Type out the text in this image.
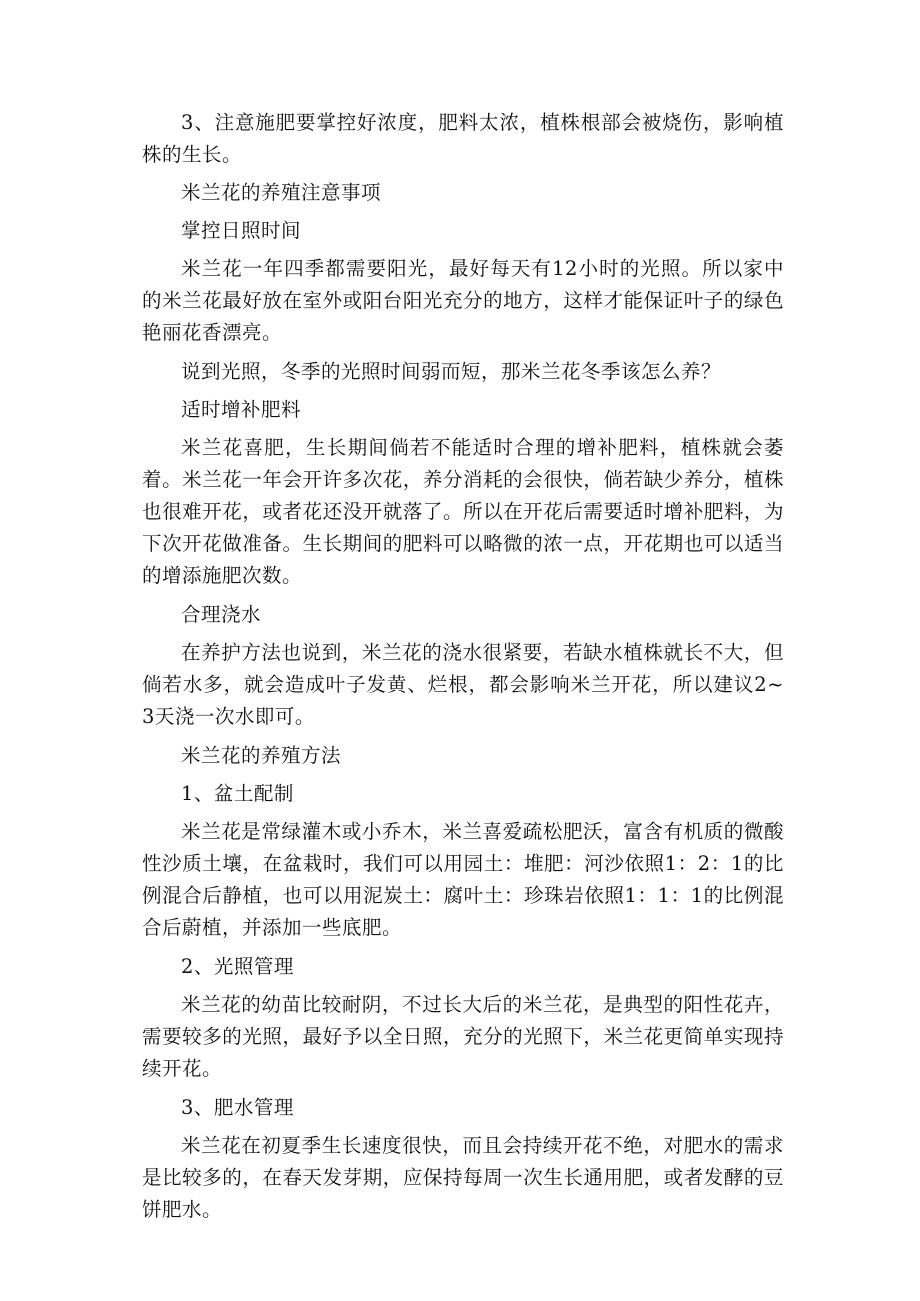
3、注意施肥要掌控好浓度，肥料太浓，植株根部会被烧伤，影响植株的生长。

米兰花的养殖注意事项

掌控日照时间

米兰花一年四季都需要阳光，最好每天有12小时的光照。所以家中的米兰花最好放在室外或阳台阳光充分的地方，这样才能保证叶子的绿色艳丽花香漂亮。

说到光照，冬季的光照时间弱而短，那米兰花冬季该怎么养？

适时增补肥料

米兰花喜肥，生长期间倘若不能适时合理的增补肥料，植株就会萎着。米兰花一年会开许多次花，养分消耗的会很快，倘若缺少养分，植株也很难开花，或者花还没开就落了。所以在开花后需要适时增补肥料，为下次开花做准备。生长期间的肥料可以略微的浓一点，开花期也可以适当的增添施肥次数。

合理浇水

在养护方法也说到，米兰花的浇水很紧要，若缺水植株就长不大，但倘若水多，就会造成叶子发黄、烂根，都会影响米兰开花，所以建议2~3天浇一次水即可。

米兰花的养殖方法

1、盆土配制

米兰花是常绿灌木或小乔木，米兰喜爱疏松肥沃，富含有机质的微酸性沙质土壤，在盆栽时，我们可以用园土：堆肥：河沙依照1：2：1的比例混合后静植，也可以用泥炭土：腐叶土：珍珠岩依照1：1：1的比例混合后蔚植，并添加一些底肥。

2、光照管理

米兰花的幼苗比较耐阴，不过长大后的米兰花，是典型的阳性花卉，需要较多的光照，最好予以全日照，充分的光照下，米兰花更简单实现持续开花。

3、肥水管理

米兰花在初夏季生长速度很快，而且会持续开花不绝，对肥水的需求是比较多的，在春天发芽期，应保持每周一次生长通用肥，或者发酵的豆饼肥水。
